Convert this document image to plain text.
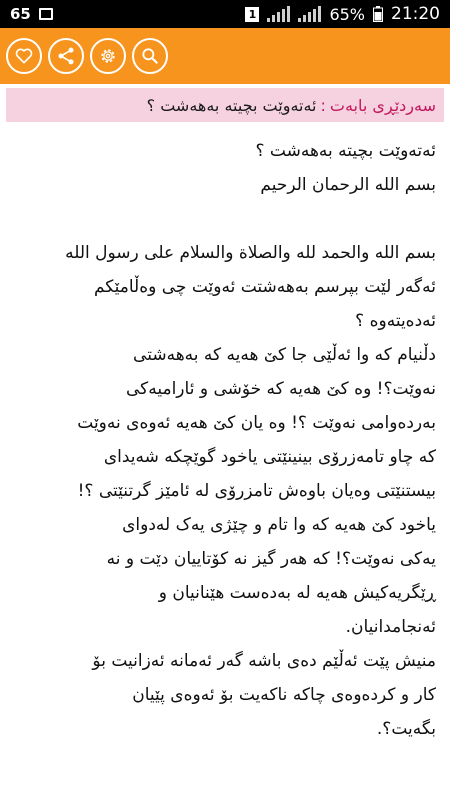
65	1	65% 21:20
سەردێڕی بابەت
:
ئەتەوێت بچیتە بەهەشت ؟

ئەتەوێت بچیتە بەهەشت ؟

بسم الله الرحمان الرحيم

بسم الله والحمد لله والصلاة والسلام على رسول الله

ئەگەر لێت بپرسم بەهەشتت ئەوێت چی وەڵامێکم

ئەدەیتەوە ؟

دڵنیام کە وا ئەڵێی جا کێ هەیە کە بەهەشتی

نەوێت؟! وە کێ هەیە کە خۆشی و ئارامیەکی

بەردەوامی نەوێت ؟! وە یان کێ هەیە ئەوەی نەوێت

کە چاو تامەزرۆی بینینێتی یاخود گوێچکە شەیدای

بیستنێتی وەیان باوەش تامزرۆی لە ئامێز گرتنێتی ؟!

یاخود کێ هەیە کە وا تام و چێژی یەک لەدوای

یەکی نەوێت؟! کە هەر گیز نە کۆتاییان دێت و نە

ڕێگریەکیش هەیە لە بەدەست هێنانیان و

ئەنجامدانیان.

منیش پێت ئەڵێم دەی باشە گەر ئەمانە ئەزانیت بۆ

کار و کردەوەی چاکە ناکەیت بۆ ئەوەی پێیان

بگەیت؟.
